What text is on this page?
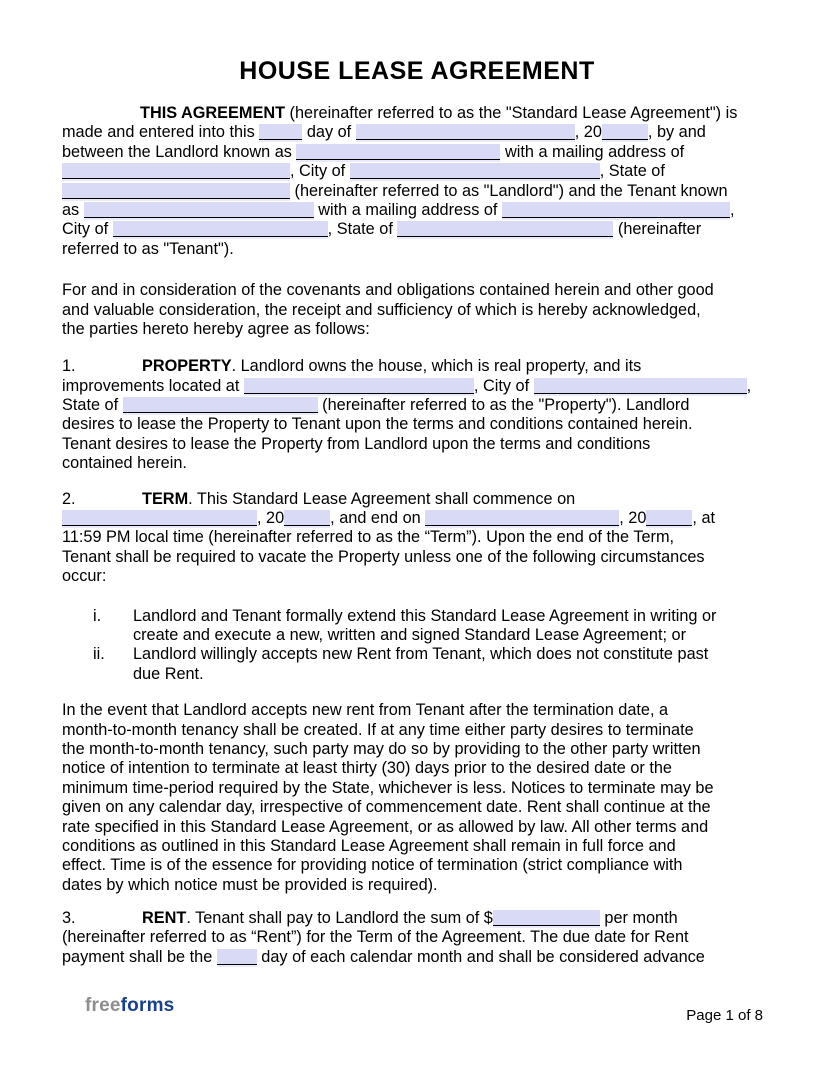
HOUSE LEASE AGREEMENT
THIS AGREEMENT (hereinafter referred to as the "Standard Lease Agreement") is
made and entered into this	day of	, 20	, by and
between the Landlord known as	with a mailing address of
, City of	, State of
(hereinafter referred to as "Landlord") and the Tenant known
as	with a mailing address of	,
City of	, State of	(hereinafter
referred to as "Tenant").
For and in consideration of the covenants and obligations contained herein and other good
and valuable consideration, the receipt and sufficiency of which is hereby acknowledged,
the parties hereto hereby agree as follows:
1.	PROPERTY. Landlord owns the house, which is real property, and its
improvements located at	, City of	,
State of	(hereinafter referred to as the "Property"). Landlord
desires to lease the Property to Tenant upon the terms and conditions contained herein.
Tenant desires to lease the Property from Landlord upon the terms and conditions
contained herein.
2.	TERM. This Standard Lease Agreement shall commence on
, 20	, and end on	, 20	, at
11:59 PM local time (hereinafter referred to as the “Term”). Upon the end of the Term,
Tenant shall be required to vacate the Property unless one of the following circumstances
occur:
i. Landlord and Tenant formally extend this Standard Lease Agreement in writing or
create and execute a new, written and signed Standard Lease Agreement; or
ii. Landlord willingly accepts new Rent from Tenant, which does not constitute past
due Rent.
In the event that Landlord accepts new rent from Tenant after the termination date, a
month-to-month tenancy shall be created. If at any time either party desires to terminate
the month-to-month tenancy, such party may do so by providing to the other party written
notice of intention to terminate at least thirty (30) days prior to the desired date or the
minimum time-period required by the State, whichever is less. Notices to terminate may be
given on any calendar day, irrespective of commencement date. Rent shall continue at the
rate specified in this Standard Lease Agreement, or as allowed by law. All other terms and
conditions as outlined in this Standard Lease Agreement shall remain in full force and
effect. Time is of the essence for providing notice of termination (strict compliance with
dates by which notice must be provided is required).
3.	RENT. Tenant shall pay to Landlord the sum of $	per month
(hereinafter referred to as “Rent”) for the Term of the Agreement. The due date for Rent
payment shall be the  day of each calendar month and shall be considered advance
freeforms	Page 1 of 8
